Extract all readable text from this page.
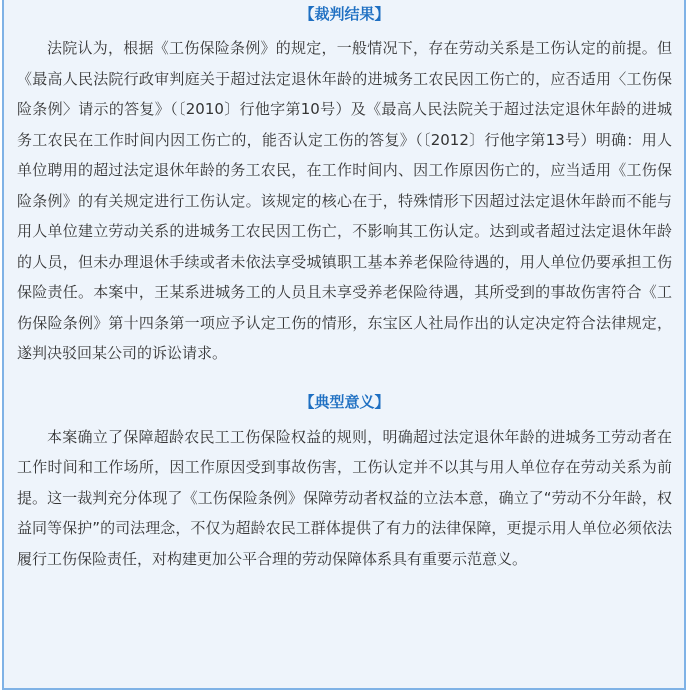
【裁判结果】

法院认为，根据《工伤保险条例》的规定，一般情况下，存在劳动关系是工伤认定的前提。但《最高人民法院行政审判庭关于超过法定退休年龄的进城务工农民因工伤亡的，应否适用〈工伤保险条例〉请示的答复》（〔2010〕行他字第10号）及《最高人民法院关于超过法定退休年龄的进城务工农民在工作时间内因工伤亡的，能否认定工伤的答复》（〔2012〕行他字第13号）明确：用人单位聘用的超过法定退休年龄的务工农民，在工作时间内、因工作原因伤亡的，应当适用《工伤保险条例》的有关规定进行工伤认定。该规定的核心在于，特殊情形下因超过法定退休年龄而不能与用人单位建立劳动关系的进城务工农民因工伤亡，不影响其工伤认定。达到或者超过法定退休年龄的人员，但未办理退休手续或者未依法享受城镇职工基本养老保险待遇的，用人单位仍要承担工伤保险责任。本案中，王某系进城务工的人员且未享受养老保险待遇，其所受到的事故伤害符合《工伤保险条例》第十四条第一项应予认定工伤的情形，东宝区人社局作出的认定决定符合法律规定，遂判决驳回某公司的诉讼请求。

【典型意义】

本案确立了保障超龄农民工工伤保险权益的规则，明确超过法定退休年龄的进城务工劳动者在工作时间和工作场所，因工作原因受到事故伤害，工伤认定并不以其与用人单位存在劳动关系为前提。这一裁判充分体现了《工伤保险条例》保障劳动者权益的立法本意，确立了“劳动不分年龄，权益同等保护”的司法理念，不仅为超龄农民工群体提供了有力的法律保障，更提示用人单位必须依法履行工伤保险责任，对构建更加公平合理的劳动保障体系具有重要示范意义。
